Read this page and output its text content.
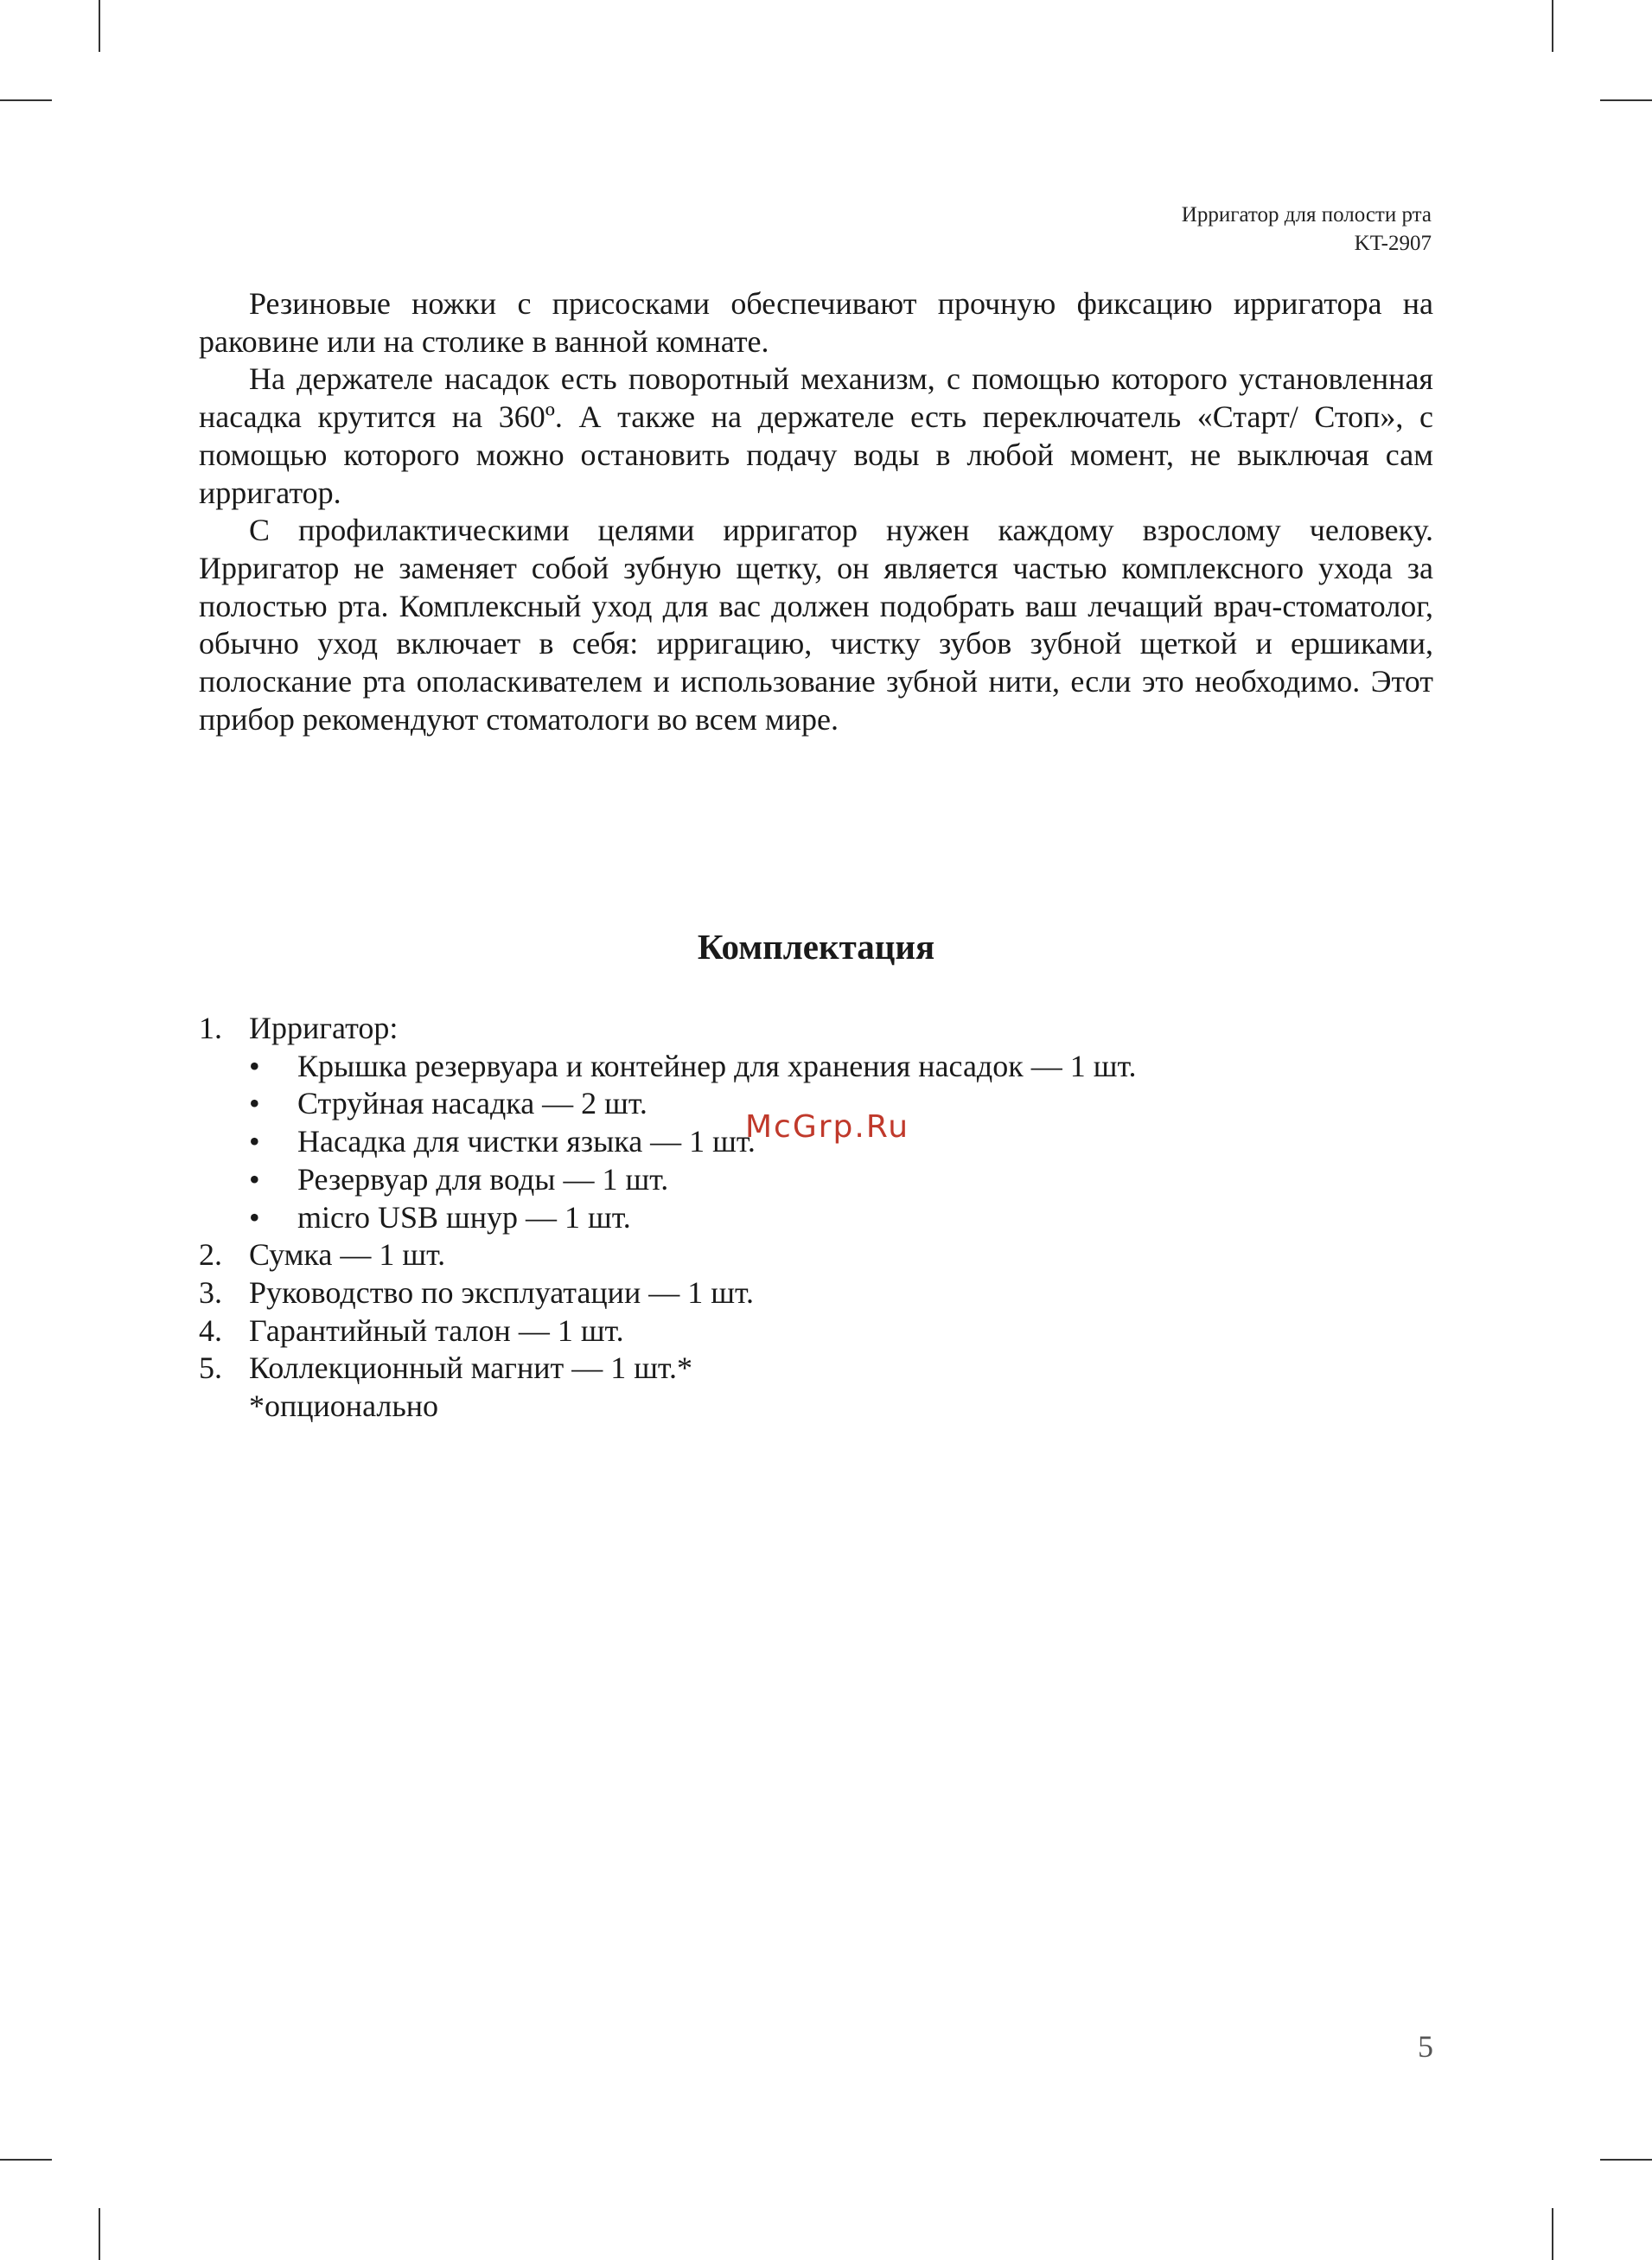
Ирригатор для полости рта
KT-2907

Резиновые ножки с присосками обеспечивают прочную фиксацию ирригатора на раковине или на столике в ванной комнате.

На держателе насадок есть поворотный механизм, с помощью которого установленная насадка крутится на 360º. А также на держателе есть переключатель «Старт/ Стоп», с помощью которого можно остановить подачу воды в любой момент, не выключая сам ирригатор.

С профилактическими целями ирригатор нужен каждому взрослому человеку. Ирригатор не заменяет собой зубную щетку, он является частью комплексного ухода за полостью рта. Комплексный уход для вас должен подобрать ваш лечащий врач-стоматолог, обычно уход включает в себя: ирригацию, чистку зубов зубной щеткой и ершиками, полоскание рта ополаскивателем и использование зубной нити, если это необходимо. Этот прибор рекомендуют стоматологи во всем мире.

Комплектация
1. Ирригатор:
•	Крышка резервуара и контейнер для хранения насадок — 1 шт.
•	Струйная насадка — 2 шт.
•	Насадка для чистки языка — 1 шт.
•	Резервуар для воды — 1 шт.
•	micro USB шнур — 1 шт.
2. Сумка — 1 шт.
3. Руководство по эксплуатации — 1 шт.
4. Гарантийный талон — 1 шт.
5. Коллекционный магнит — 1 шт.*
*опционально
McGrp.Ru
5
